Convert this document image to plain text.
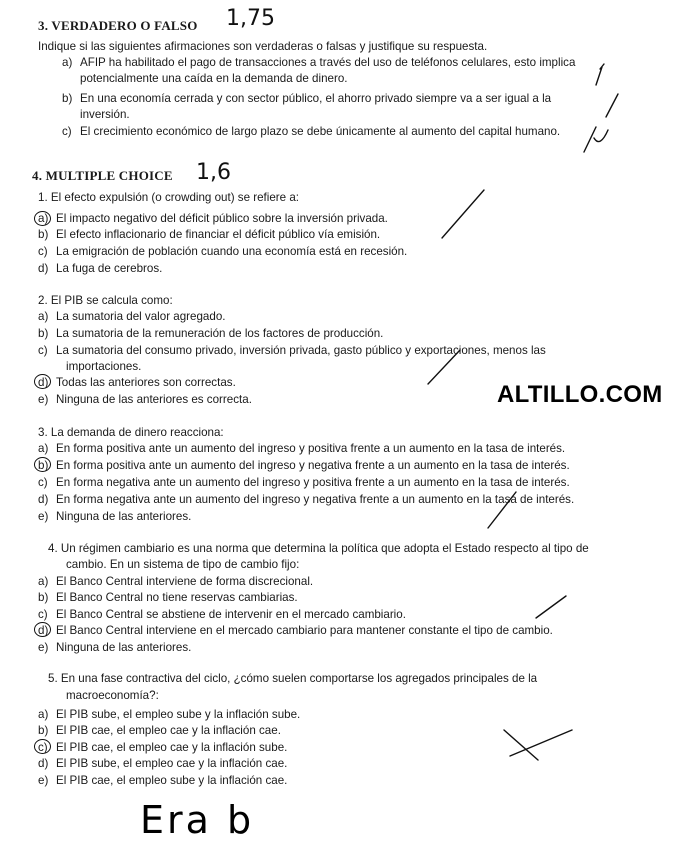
3. VERDADERO O FALSO 1,75
Indique si las siguientes afirmaciones son verdaderas o falsas y justifique su respuesta.
a) AFIP ha habilitado el pago de transacciones a través del uso de teléfonos celulares, esto implica
potencialmente una caída en la demanda de dinero.
b) En una economía cerrada y con sector público, el ahorro privado siempre va a ser igual a la
inversión.
c) El crecimiento económico de largo plazo se debe únicamente al aumento del capital humano.
4. MULTIPLE CHOICE 1,6
1. El efecto expulsión (o crowding out) se refiere a:
a) El impacto negativo del déficit público sobre la inversión privada.
b) El efecto inflacionario de financiar el déficit público vía emisión.
c) La emigración de población cuando una economía está en recesión.
d) La fuga de cerebros.
2. El PIB se calcula como:
a) La sumatoria del valor agregado.
b) La sumatoria de la remuneración de los factores de producción.
c) La sumatoria del consumo privado, inversión privada, gasto público y exportaciones, menos las
importaciones.
d) Todas las anteriores son correctas.
e) Ninguna de las anteriores es correcta.	ALTILLO.COM
3. La demanda de dinero reacciona:
a) En forma positiva ante un aumento del ingreso y positiva frente a un aumento en la tasa de interés.
b) En forma positiva ante un aumento del ingreso y negativa frente a un aumento en la tasa de interés.
c) En forma negativa ante un aumento del ingreso y positiva frente a un aumento en la tasa de interés.
d) En forma negativa ante un aumento del ingreso y negativa frente a un aumento en la tasa de interés.
e) Ninguna de las anteriores.
4. Un régimen cambiario es una norma que determina la política que adopta el Estado respecto al tipo de
cambio. En un sistema de tipo de cambio fijo:
a) El Banco Central interviene de forma discrecional.
b) El Banco Central no tiene reservas cambiarias.
c) El Banco Central se abstiene de intervenir en el mercado cambiario.
d) El Banco Central interviene en el mercado cambiario para mantener constante el tipo de cambio.
e) Ninguna de las anteriores.
5. En una fase contractiva del ciclo, ¿cómo suelen comportarse los agregados principales de la
macroeconomía?:
a) El PIB sube, el empleo sube y la inflación sube.
b) El PIB cae, el empleo cae y la inflación cae.
c) El PIB cae, el empleo cae y la inflación sube.
d) El PIB sube, el empleo cae y la inflación cae.
e) El PIB cae, el empleo sube y la inflación cae.
Era b
